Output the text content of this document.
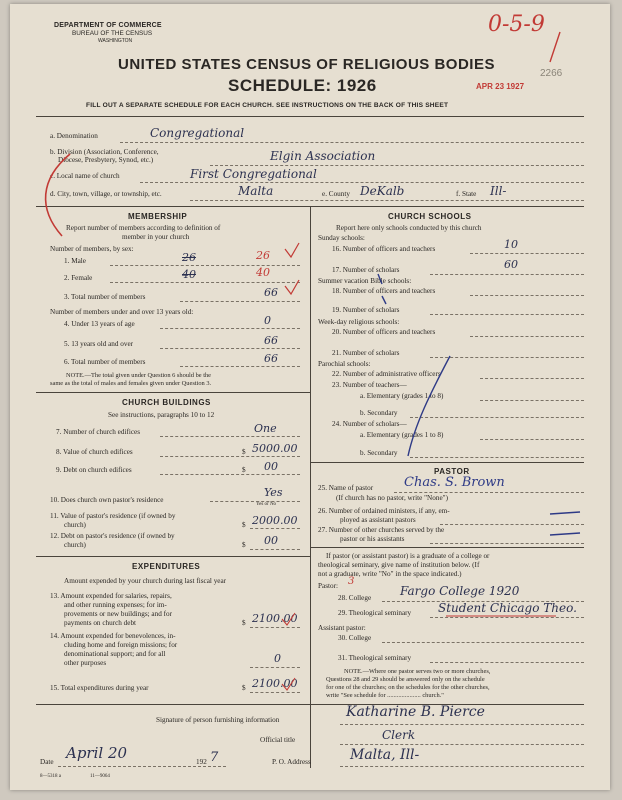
DEPARTMENT OF COMMERCE
BUREAU OF THE CENSUS
WASHINGTON
UNITED STATES CENSUS OF RELIGIOUS BODIES
SCHEDULE: 1926	APR 23 1927
2266
0-5-9
FILL OUT A SEPARATE SCHEDULE FOR EACH CHURCH. SEE INSTRUCTIONS ON THE BACK OF THIS SHEET
a. Denomination	Congregational
b. Division (Association, Conference,
Diocese, Presbytery, Synod, etc.)	Elgin Association
c. Local name of church	First Congregational
d. City, town, village, or township, etc.	Malta	e. County DeKalb	f. State Ill-
MEMBERSHIP
Report number of members according to definition of
member in your church
Number of members, by sex:
1. Male	26	26
2. Female	40	40
3. Total number of members	66
Number of members under and over 13 years old:
4. Under 13 years of age	0
5. 13 years old and over	66
6. Total number of members	66
NOTE.—The total given under Question 6 should be the
same as the total of males and females given under Question 3.
CHURCH BUILDINGS
See instructions, paragraphs 10 to 12
7. Number of church edifices	One
8. Value of church edifices	$ 5000.00
9. Debt on church edifices	$ 00
10. Does church own pastor's residence
Yes
Yes or No
11. Value of pastor's residence (if owned by
church)	$ 2000.00
12. Debt on pastor's residence (if owned by
church)	$ 00
EXPENDITURES
Amount expended by your church during last fiscal year
13. Amount expended for salaries, repairs,
and other running expenses; for im-
provements or new buildings; and for
payments on church debt	$ 2100.00
14. Amount expended for benevolences, in-
cluding home and foreign missions; for
denominational support; and for all
other purposes	0
15. Total expenditures during year	$ 2100.00
CHURCH SCHOOLS
Report here only schools conducted by this church
Sunday schools:
16. Number of officers and teachers	10
17. Number of scholars	60
Summer vacation Bible schools:
18. Number of officers and teachers
19. Number of scholars
Week-day religious schools:
20. Number of officers and teachers
21. Number of scholars
Parochial schools:
22. Number of administrative officers
23. Number of teachers—
a. Elementary (grades 1 to 8)
b. Secondary
24. Number of scholars—
a. Elementary (grades 1 to 8)
b. Secondary
PASTOR
25. Name of pastor Chas. S. Brown
(If church has no pastor, write "None")
26. Number of ordained ministers, if any, em-
ployed as assistant pastors
27. Number of other churches served by the
pastor or his assistants
If pastor (or assistant pastor) is a graduate of a college or
theological seminary, give name of institution below. (If
not a graduate, write "No" in the space indicated.)
Pastor: 3
28. College Fargo College 1920
29. Theological seminary Student Chicago Theo.
Assistant pastor:
30. College
31. Theological seminary
NOTE.—Where one pastor serves two or more churches,
Questions 28 and 29 should be answered only on the schedule
for one of the churches; on the schedules for the other churches,
write "See schedule for ..................... church."
Signature of person furnishing information	Katharine B. Pierce
Official title	Clerk
Date April 20	192 7	P. O. Address	Malta, Ill-
8—5318 a	11—9064
